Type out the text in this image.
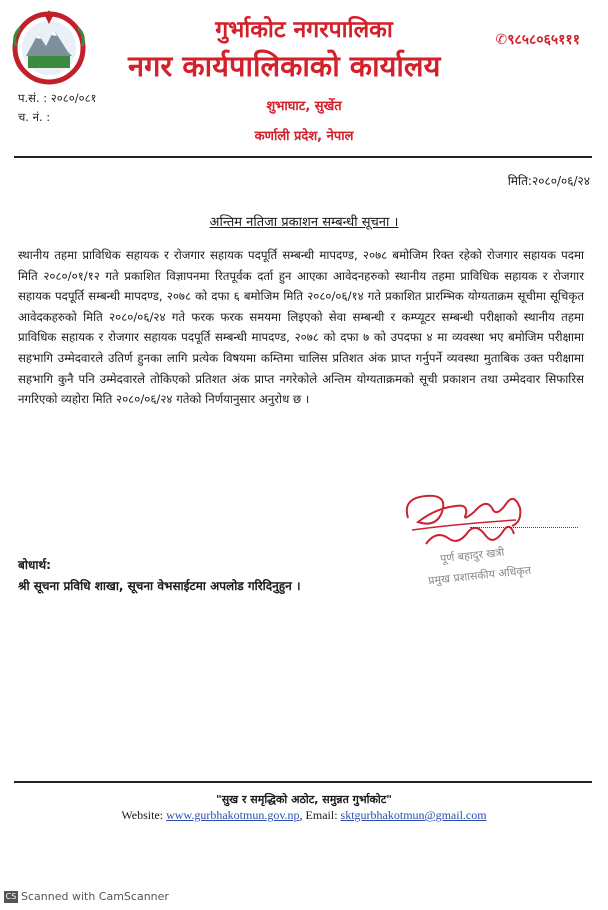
गुर्भाकोट नगरपालिका
नगर कार्यपालिकाको कार्यालय
✆९८५८०६५१११
प.सं. : २०८०/०८१
च. नं. :
शुभाघाट, सुर्खेत
कर्णाली प्रदेश, नेपाल
मिति:२०८०/०६/२४
अन्तिम नतिजा प्रकाशन सम्बन्धी सूचना ।
स्थानीय तहमा प्राविधिक सहायक र रोजगार सहायक पदपूर्ति सम्बन्धी मापदण्ड, २०७८ बमोजिम रिक्त रहेको रोजगार सहायक पदमा मिति २०८०/०१/१२ गते प्रकाशित विज्ञापनमा रितपूर्वक दर्ता हुन आएका आवेदनहरुको स्थानीय तहमा प्राविधिक सहायक र रोजगार सहायक पदपूर्ति सम्बन्धी मापदण्ड, २०७८ को दफा ६ बमोजिम मिति २०८०/०६/१४ गते प्रकाशित प्रारम्भिक योग्यताक्रम सूचीमा सूचिकृत आवेदकहरुको मिति २०८०/०६/२४ गते फरक फरक समयमा लिइएको सेवा सम्बन्धी र कम्प्यूटर सम्बन्धी परीक्षाको स्थानीय तहमा प्राविधिक सहायक र रोजगार सहायक पदपूर्ति सम्बन्धी मापदण्ड, २०७८ को दफा ७ को उपदफा ४ मा व्यवस्था भए बमोजिम परीक्षामा सहभागि उम्मेदवारले उतिर्ण हुनका लागि प्रत्येक विषयमा कम्तिमा चालिस प्रतिशत अंक प्राप्त गर्नुपर्ने व्यवस्था मुताबिक उक्त परीक्षामा सहभागि कुनै पनि उम्मेदवारले तोकिएको प्रतिशत अंक प्राप्त नगरेकोले अन्तिम योग्यताक्रमको सूची प्रकाशन तथा उम्मेदवार सिफारिस नगरिएको व्यहोरा मिति २०८०/०६/२४ गतेको निर्णयानुसार अनुरोध छ ।
पूर्ण बहादुर खत्री
प्रमुख प्रशासकीय अधिकृत
बोधार्थ:
श्री सूचना प्रविधि शाखा, सूचना वेभसाईटमा अपलोड गरिदिनुहुन ।
"सुख र समृद्धिको अठोट, समुन्नत गुर्भाकोट"
Website: www.gurbhakotmun.gov.np, Email: sktgurbhakotmun@gmail.com
CS Scanned with CamScanner
